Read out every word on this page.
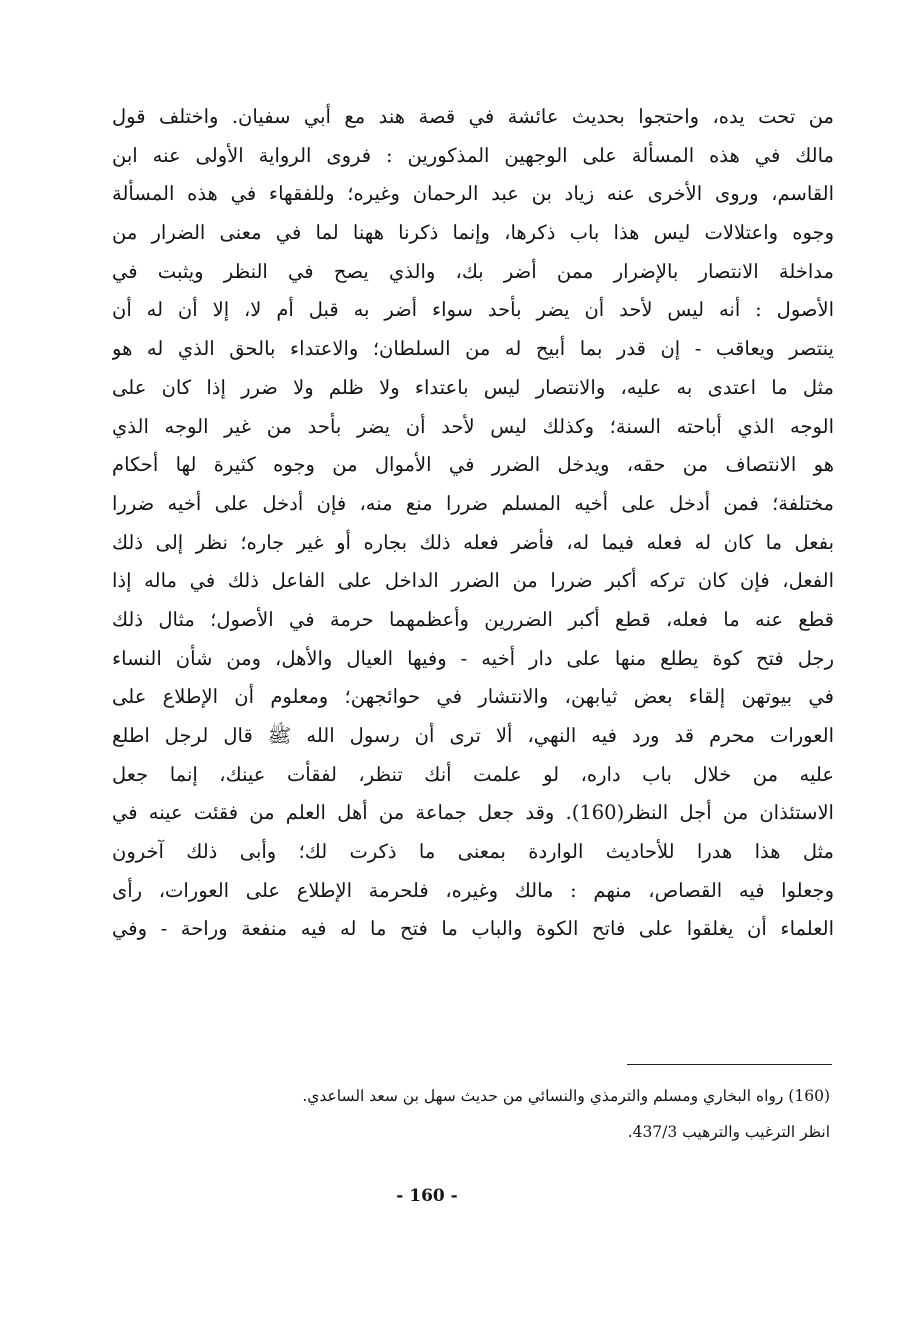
من تحت يده، واحتجوا بحديث عائشة في قصة هند مع أبي سفيان. واختلف قول
مالك في هذه المسألة على الوجهين المذكورين : فروى الرواية الأولى عنه ابن
القاسم، وروى الأخرى عنه زياد بن عبد الرحمان وغيره؛ وللفقهاء في هذه المسألة
وجوه واعتلالات ليس هذا باب ذكرها، وإنما ذكرنا ههنا لما في معنى الضرار من
مداخلة الانتصار بالإضرار ممن أضر بك، والذي يصح في النظر ويثبت في
الأصول : أنه ليس لأحد أن يضر بأحد سواء أضر به قبل أم لا، إلا أن له أن
ينتصر ويعاقب - إن قدر بما أبيح له من السلطان؛ والاعتداء بالحق الذي له هو
مثل ما اعتدى به عليه، والانتصار ليس باعتداء ولا ظلم ولا ضرر إذا كان على
الوجه الذي أباحته السنة؛ وكذلك ليس لأحد أن يضر بأحد من غير الوجه الذي
هو الانتصاف من حقه، ويدخل الضرر في الأموال من وجوه كثيرة لها أحكام
مختلفة؛ فمن أدخل على أخيه المسلم ضررا منع منه، فإن أدخل على أخيه ضررا
بفعل ما كان له فعله فيما له، فأضر فعله ذلك بجاره أو غير جاره؛ نظر إلى ذلك
الفعل، فإن كان تركه أكبر ضررا من الضرر الداخل على الفاعل ذلك في ماله إذا
قطع عنه ما فعله، قطع أكبر الضررين وأعظمهما حرمة في الأصول؛ مثال ذلك
رجل فتح كوة يطلع منها على دار أخيه - وفيها العيال والأهل، ومن شأن النساء
في بيوتهن إلقاء بعض ثيابهن، والانتشار في حوائجهن؛ ومعلوم أن الإطلاع على
العورات محرم قد ورد فيه النهي، ألا ترى أن رسول الله ﷺ قال لرجل اطلع
عليه من خلال باب داره، لو علمت أنك تنظر، لفقأت عينك، إنما جعل
الاستئذان من أجل النظر(160). وقد جعل جماعة من أهل العلم من فقئت عينه في
مثل هذا هدرا للأحاديث الواردة بمعنى ما ذكرت لك؛ وأبى ذلك آخرون
وجعلوا فيه القصاص، منهم : مالك وغيره، فلحرمة الإطلاع على العورات، رأى
العلماء أن يغلقوا على فاتح الكوة والباب ما فتح ما له فيه منفعة وراحة - وفي
(160) رواه البخاري ومسلم والترمذي والنسائي من حديث سهل بن سعد الساعدي.
انظر الترغيب والترهيب 437/3.
- 160 -
